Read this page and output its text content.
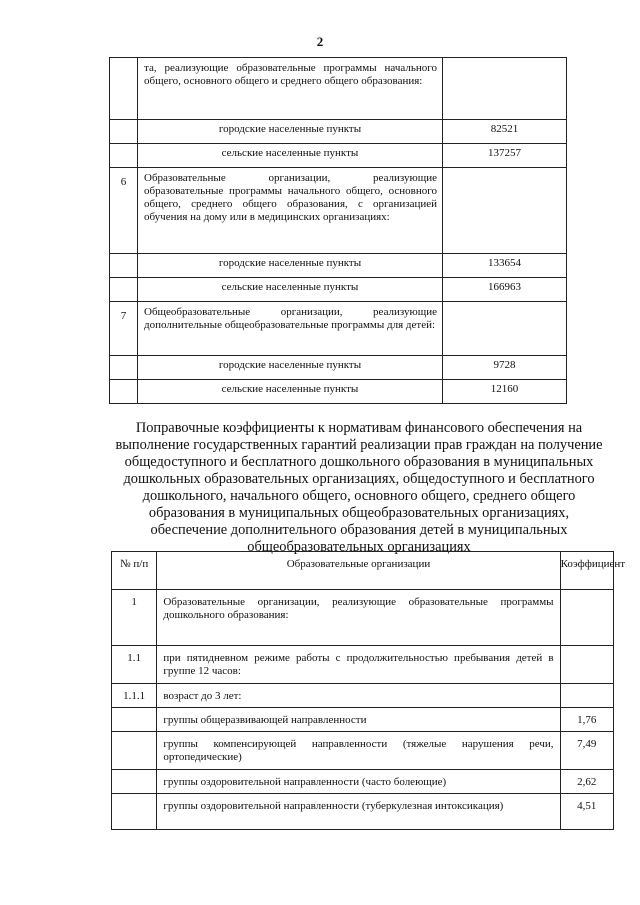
2
	та, реализующие образовательные программы начального общего, основного общего и среднего общего образования:	
	городские населенные пункты	82521
	сельские населенные пункты	137257
6	Образовательные организации, реализующие образовательные программы начального общего, основного общего, среднего общего образования, с организацией обучения на дому или в медицинских организациях:	
	городские населенные пункты	133654
	сельские населенные пункты	166963
7	Общеобразовательные организации, реализующие дополнительные общеобразовательные программы для детей:	
	городские населенные пункты	9728
	сельские населенные пункты	12160
Поправочные коэффициенты к нормативам финансового обеспечения на выполнение государственных гарантий реализации прав граждан на получение общедоступного и бесплатного дошкольного образования в муниципальных дошкольных образовательных организациях, общедоступного и бесплатного дошкольного, начального общего, основного общего, среднего общего образования в муниципальных общеобразовательных организациях, обеспечение дополнительного образования детей в муниципальных общеобразовательных организациях
№ п/п	Образовательные организации	Коэффициент
1	Образовательные организации, реализующие образовательные программы дошкольного образования:	
1.1	при пятидневном режиме работы с продолжительностью пребывания детей в группе 12 часов:	
1.1.1	возраст до 3 лет:	
	группы общеразвивающей направленности	1,76
	группы компенсирующей направленности (тяжелые нарушения речи, ортопедические)	7,49
	группы оздоровительной направленности (часто болеющие)	2,62
	группы оздоровительной направленности (туберкулезная интоксикация)	4,51
